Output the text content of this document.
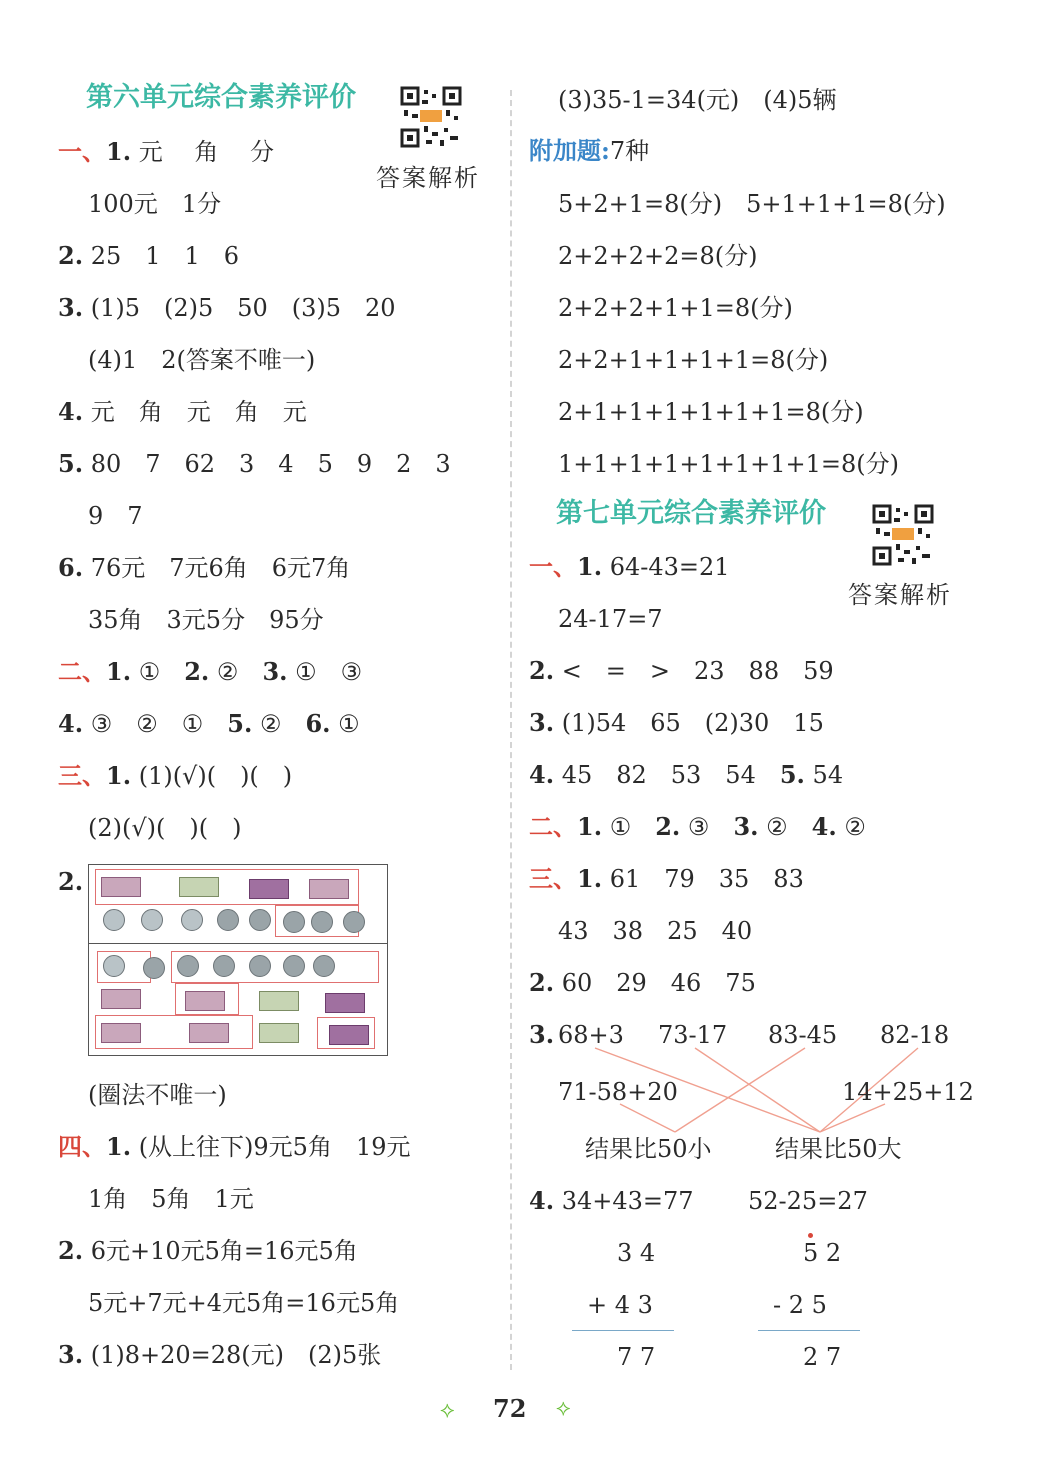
第六单元综合素养评价
答案解析
一、1. 元　 角　 分
100元　1分
2. 25　1　1　6
3. (1)5　(2)5　50　(3)5　20
(4)1　2(答案不唯一)
4. 元　角　元　角　元
5. 80　7　62　3　4　5　9　2　3
9　7
6. 76元　7元6角　6元7角
35角　3元5分　95分
二、1. ①　2. ②　3. ①　③
4. ③　②　①　5. ②　6. ①
三、1. (1)(√)(　)(　)
(2)(√)(　)(　)
2.
(圈法不唯一)
四、1. (从上往下)9元5角　19元
1角　5角　1元
2. 6元+10元5角=16元5角
5元+7元+4元5角=16元5角
3. (1)8+20=28(元)　(2)5张
(3)35-1=34(元)　(4)5辆
附加题:7种
5+2+1=8(分)　5+1+1+1=8(分)
2+2+2+2=8(分)
2+2+2+1+1=8(分)
2+2+1+1+1+1=8(分)
2+1+1+1+1+1+1=8(分)
1+1+1+1+1+1+1+1=8(分)
第七单元综合素养评价
答案解析
一、1. 64-43=21
24-17=7
2. <　=　>　23　88　59
3. (1)54　65　(2)30　15
4. 45　82　53　54　5. 54
二、1. ①　2. ③　3. ②　4. ②
三、1. 61　79　35　83
43　38　25　40
2. 60　29　46　75
3. 68+3 73-17 83-45 82-18
71-58+20	14+25+12
结果比50小	结果比50大
4. 34+43=77 52-25=27
3 4
+ 4 3
7 7
5 2
- 2 5
2 7
⟡ 72 ⟡
